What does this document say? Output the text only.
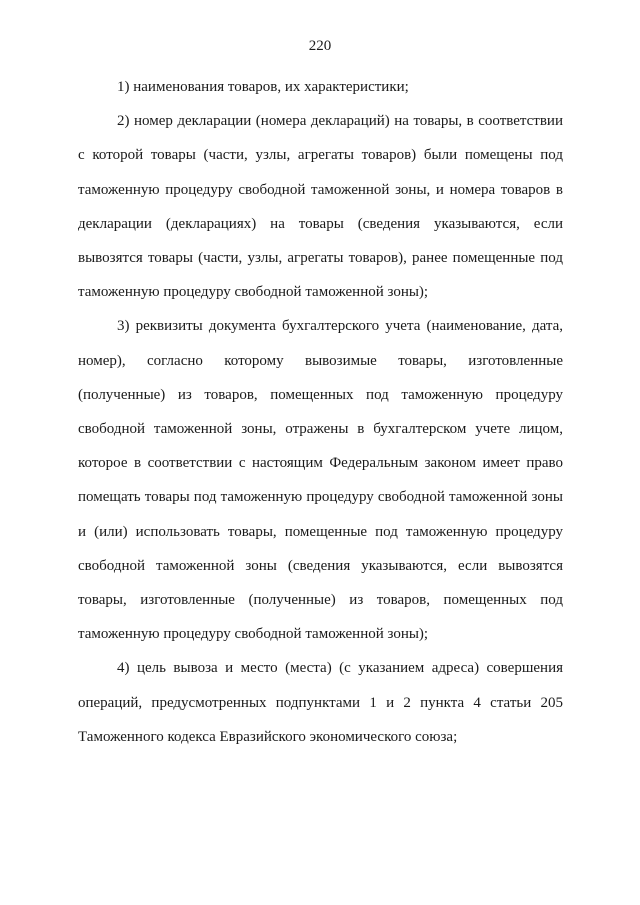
220

1) наименования товаров, их характеристики;

2) номер декларации (номера деклараций) на товары, в соответствии с которой товары (части, узлы, агрегаты товаров) были помещены под таможенную процедуру свободной таможенной зоны, и номера товаров в декларации (декларациях) на товары (сведения указываются, если вывозятся товары (части, узлы, агрегаты товаров), ранее помещенные под таможенную процедуру свободной таможенной зоны);

3) реквизиты документа бухгалтерского учета (наименование, дата, номер), согласно которому вывозимые товары, изготовленные (полученные) из товаров, помещенных под таможенную процедуру свободной таможенной зоны, отражены в бухгалтерском учете лицом, которое в соответствии с настоящим Федеральным законом имеет право помещать товары под таможенную процедуру свободной таможенной зоны и (или) использовать товары, помещенные под таможенную процедуру свободной таможенной зоны (сведения указываются, если вывозятся товары, изготовленные (полученные) из товаров, помещенных под таможенную процедуру свободной таможенной зоны);

4) цель вывоза и место (места) (с указанием адреса) совершения операций, предусмотренных подпунктами 1 и 2 пункта 4 статьи 205 Таможенного кодекса Евразийского экономического союза;
